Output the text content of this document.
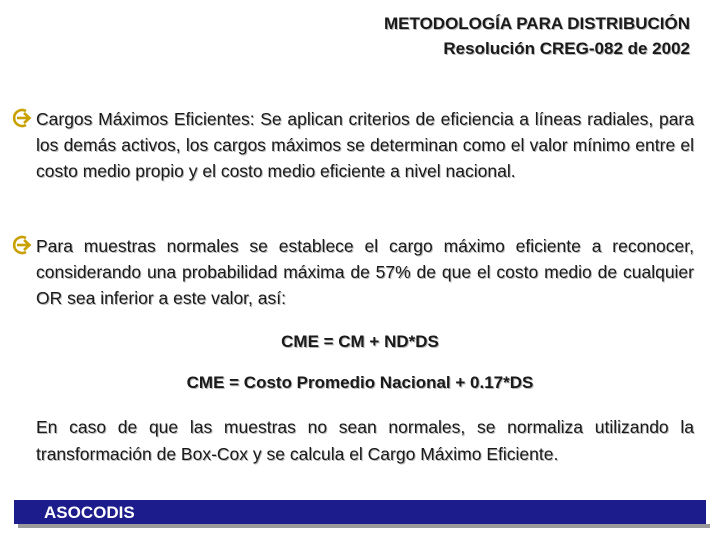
METODOLOGÍA PARA DISTRIBUCIÓN
Resolución CREG-082 de 2002
Cargos Máximos Eficientes: Se aplican criterios de eficiencia a líneas radiales, para los demás activos, los cargos máximos se determinan como el valor mínimo entre el costo medio propio y el costo medio eficiente a nivel nacional.
Para muestras normales se establece el cargo máximo eficiente a reconocer, considerando una probabilidad máxima de 57% de que el costo medio de cualquier OR sea inferior a este valor, así:
CME = CM + ND*DS
CME = Costo Promedio Nacional + 0.17*DS
En caso de que las muestras no sean normales, se normaliza utilizando la transformación de Box-Cox y se calcula el Cargo Máximo Eficiente.
ASOCODIS
